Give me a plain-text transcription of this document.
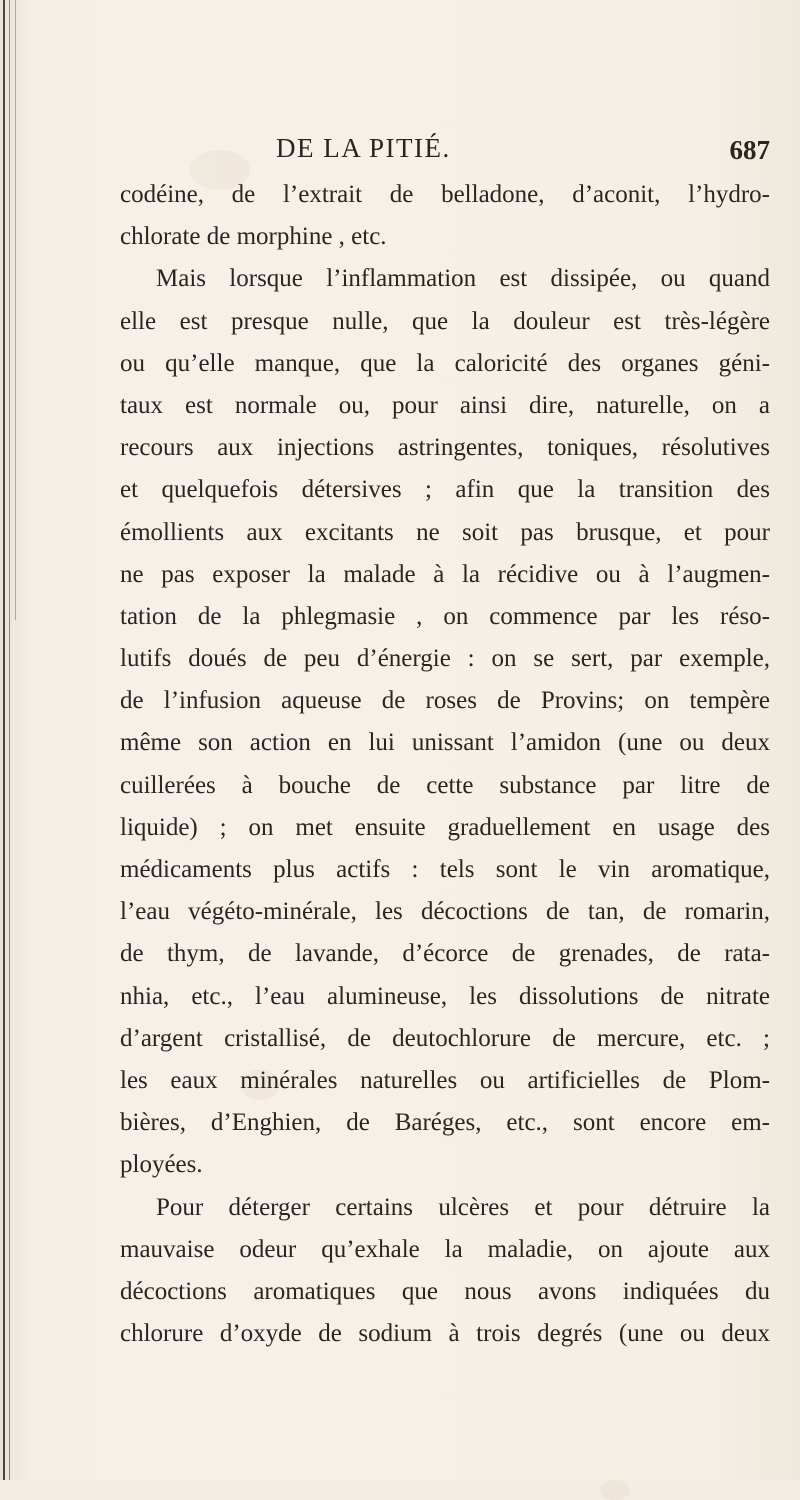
DE LA PITIÉ.	687
codéine, de l’extrait de belladone, d’aconit, l’hydro-
chlorate de morphine , etc.
Mais lorsque l’inflammation est dissipée, ou quand
elle est presque nulle, que la douleur est très-légère
ou qu’elle manque, que la caloricité des organes géni-
taux est normale ou, pour ainsi dire, naturelle, on a
recours aux injections astringentes, toniques, résolutives
et quelquefois détersives ; afin que la transition des
émollients aux excitants ne soit pas brusque, et pour
ne pas exposer la malade à la récidive ou à l’augmen-
tation de la phlegmasie , on commence par les réso-
lutifs doués de peu d’énergie : on se sert, par exemple,
de l’infusion aqueuse de roses de Provins; on tempère
même son action en lui unissant l’amidon (une ou deux
cuillerées à bouche de cette substance par litre de
liquide) ; on met ensuite graduellement en usage des
médicaments plus actifs : tels sont le vin aromatique,
l’eau végéto-minérale, les décoctions de tan, de romarin,
de thym, de lavande, d’écorce de grenades, de rata-
nhia, etc., l’eau alumineuse, les dissolutions de nitrate
d’argent cristallisé, de deutochlorure de mercure, etc. ;
les eaux minérales naturelles ou artificielles de Plom-
bières, d’Enghien, de Baréges, etc., sont encore em-
ployées.
Pour déterger certains ulcères et pour détruire la
mauvaise odeur qu’exhale la maladie, on ajoute aux
décoctions aromatiques que nous avons indiquées du
chlorure d’oxyde de sodium à trois degrés (une ou deux
